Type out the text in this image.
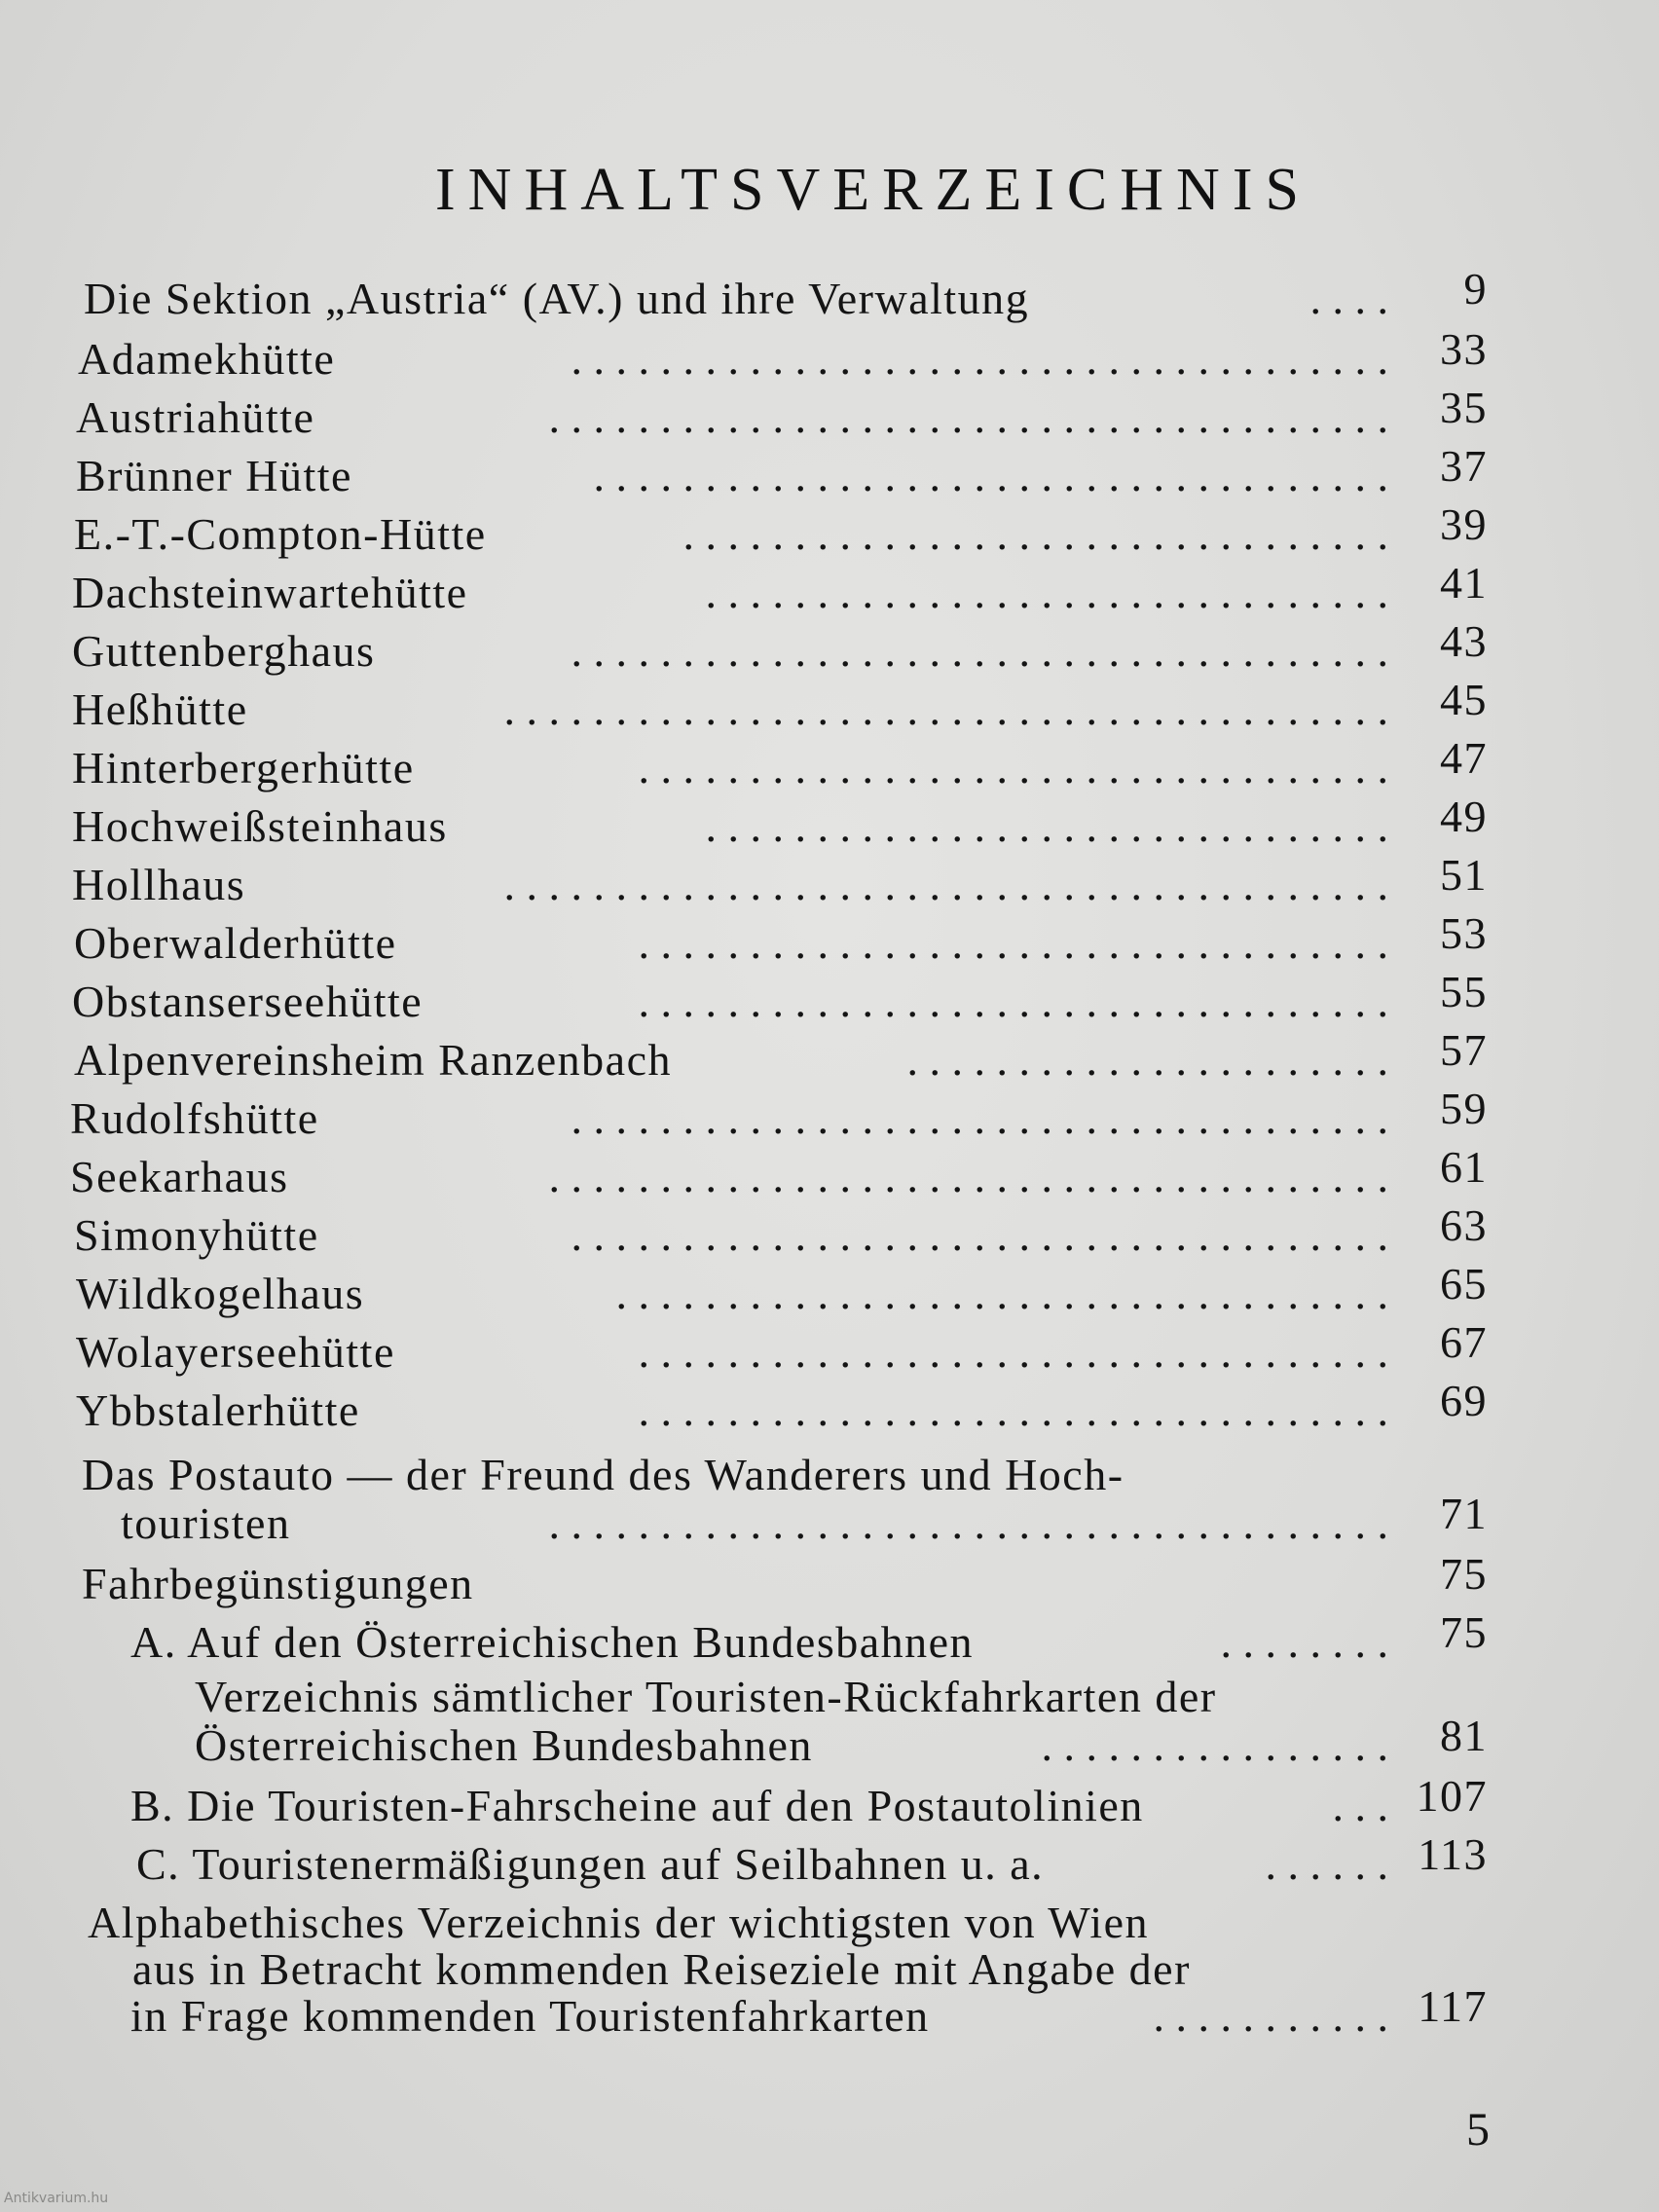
INHALTSVERZEICHNIS
Die Sektion „Austria“ (AV.) und ihre Verwaltung	. . . . 9
Adamekhütte	. . . . . . . . . . . . . . . . . . . . . . . . . . . . . . . . . . . . . 33
Austriahütte	. . . . . . . . . . . . . . . . . . . . . . . . . . . . . . . . . . . . . . 35
Brünner Hütte	. . . . . . . . . . . . . . . . . . . . . . . . . . . . . . . . . . . . 37
E.-T.-Compton-Hütte	. . . . . . . . . . . . . . . . . . . . . . . . . . . . . . . . 39
Dachsteinwartehütte	. . . . . . . . . . . . . . . . . . . . . . . . . . . . . . . 41
Guttenberghaus	. . . . . . . . . . . . . . . . . . . . . . . . . . . . . . . . . . . . . 43
Heßhütte	. . . . . . . . . . . . . . . . . . . . . . . . . . . . . . . . . . . . . . . . 45
Hinterbergerhütte	. . . . . . . . . . . . . . . . . . . . . . . . . . . . . . . . . . 47
Hochweißsteinhaus	. . . . . . . . . . . . . . . . . . . . . . . . . . . . . . . 49
Hollhaus	. . . . . . . . . . . . . . . . . . . . . . . . . . . . . . . . . . . . . . . . 51
Oberwalderhütte	. . . . . . . . . . . . . . . . . . . . . . . . . . . . . . . . . . 53
Obstanserseehütte	. . . . . . . . . . . . . . . . . . . . . . . . . . . . . . . . . . 55
Alpenvereinsheim Ranzenbach	. . . . . . . . . . . . . . . . . . . . . . 57
Rudolfshütte	. . . . . . . . . . . . . . . . . . . . . . . . . . . . . . . . . . . . . 59
Seekarhaus	. . . . . . . . . . . . . . . . . . . . . . . . . . . . . . . . . . . . . . 61
Simonyhütte	. . . . . . . . . . . . . . . . . . . . . . . . . . . . . . . . . . . . . 63
Wildkogelhaus	. . . . . . . . . . . . . . . . . . . . . . . . . . . . . . . . . . . 65
Wolayerseehütte	. . . . . . . . . . . . . . . . . . . . . . . . . . . . . . . . . . 67
Ybbstalerhütte	. . . . . . . . . . . . . . . . . . . . . . . . . . . . . . . . . . 69
Das Postauto — der Freund des Wanderers und Hoch-
touristen	. . . . . . . . . . . . . . . . . . . . . . . . . . . . . . . . . . . . . . 71
Fahrbegünstigungen	75
A. Auf den Österreichischen Bundesbahnen	. . . . . . . . 75
Verzeichnis sämtlicher Touristen-Rückfahrkarten der
Österreichischen Bundesbahnen	. . . . . . . . . . . . . . . . 81
B. Die Touristen-Fahrscheine auf den Postautolinien	. . . 107
C. Touristenermäßigungen auf Seilbahnen u. a.	. . . . . . 113
Alphabethisches Verzeichnis der wichtigsten von Wien
aus in Betracht kommenden Reiseziele mit Angabe der
in Frage kommenden Touristenfahrkarten	. . . . . . . . . . . 117
5
Antikvarium.hu
